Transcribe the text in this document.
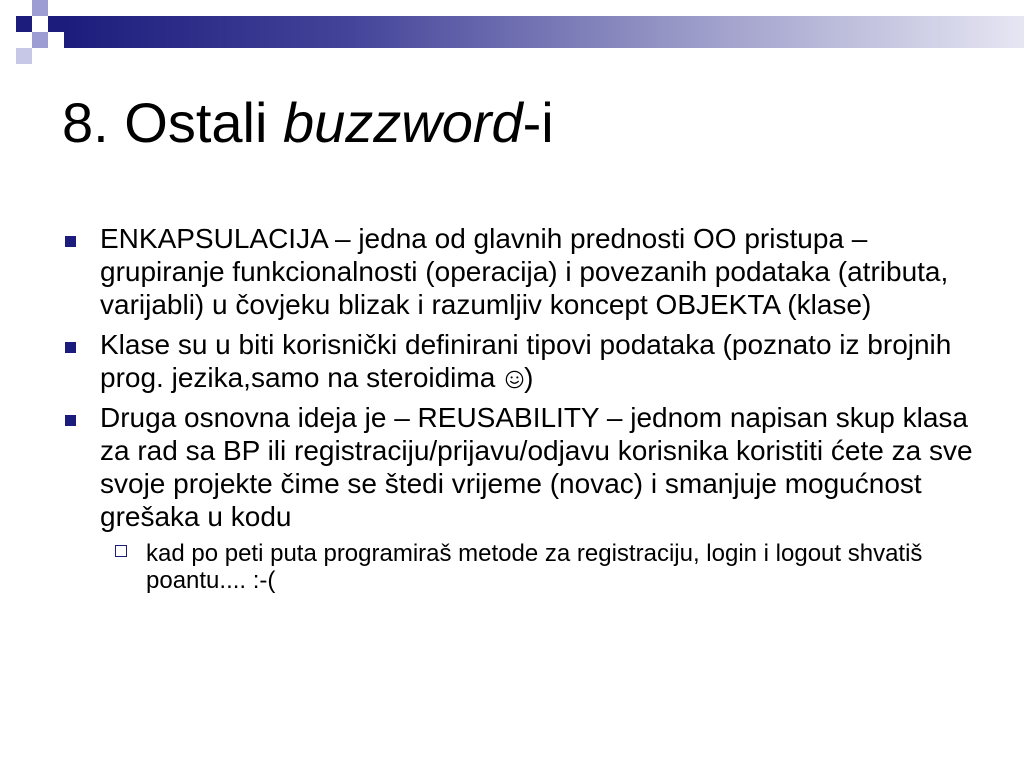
8. Ostali buzzword-i
ENKAPSULACIJA – jedna od glavnih prednosti OO pristupa – grupiranje funkcionalnosti (operacija) i povezanih podataka (atributa, varijabli) u čovjeku blizak i razumljiv koncept OBJEKTA (klase)
Klase su u biti korisnički definirani tipovi podataka (poznato iz brojnih prog. jezika,samo na steroidima )
Druga osnovna ideja je – REUSABILITY – jednom napisan skup klasa za rad sa BP ili registraciju/prijavu/odjavu korisnika koristiti ćete za sve svoje projekte čime se štedi vrijeme (novac) i smanjuje mogućnost grešaka u kodu
kad po peti puta programiraš metode za registraciju, login i logout shvatiš poantu.... :-(
